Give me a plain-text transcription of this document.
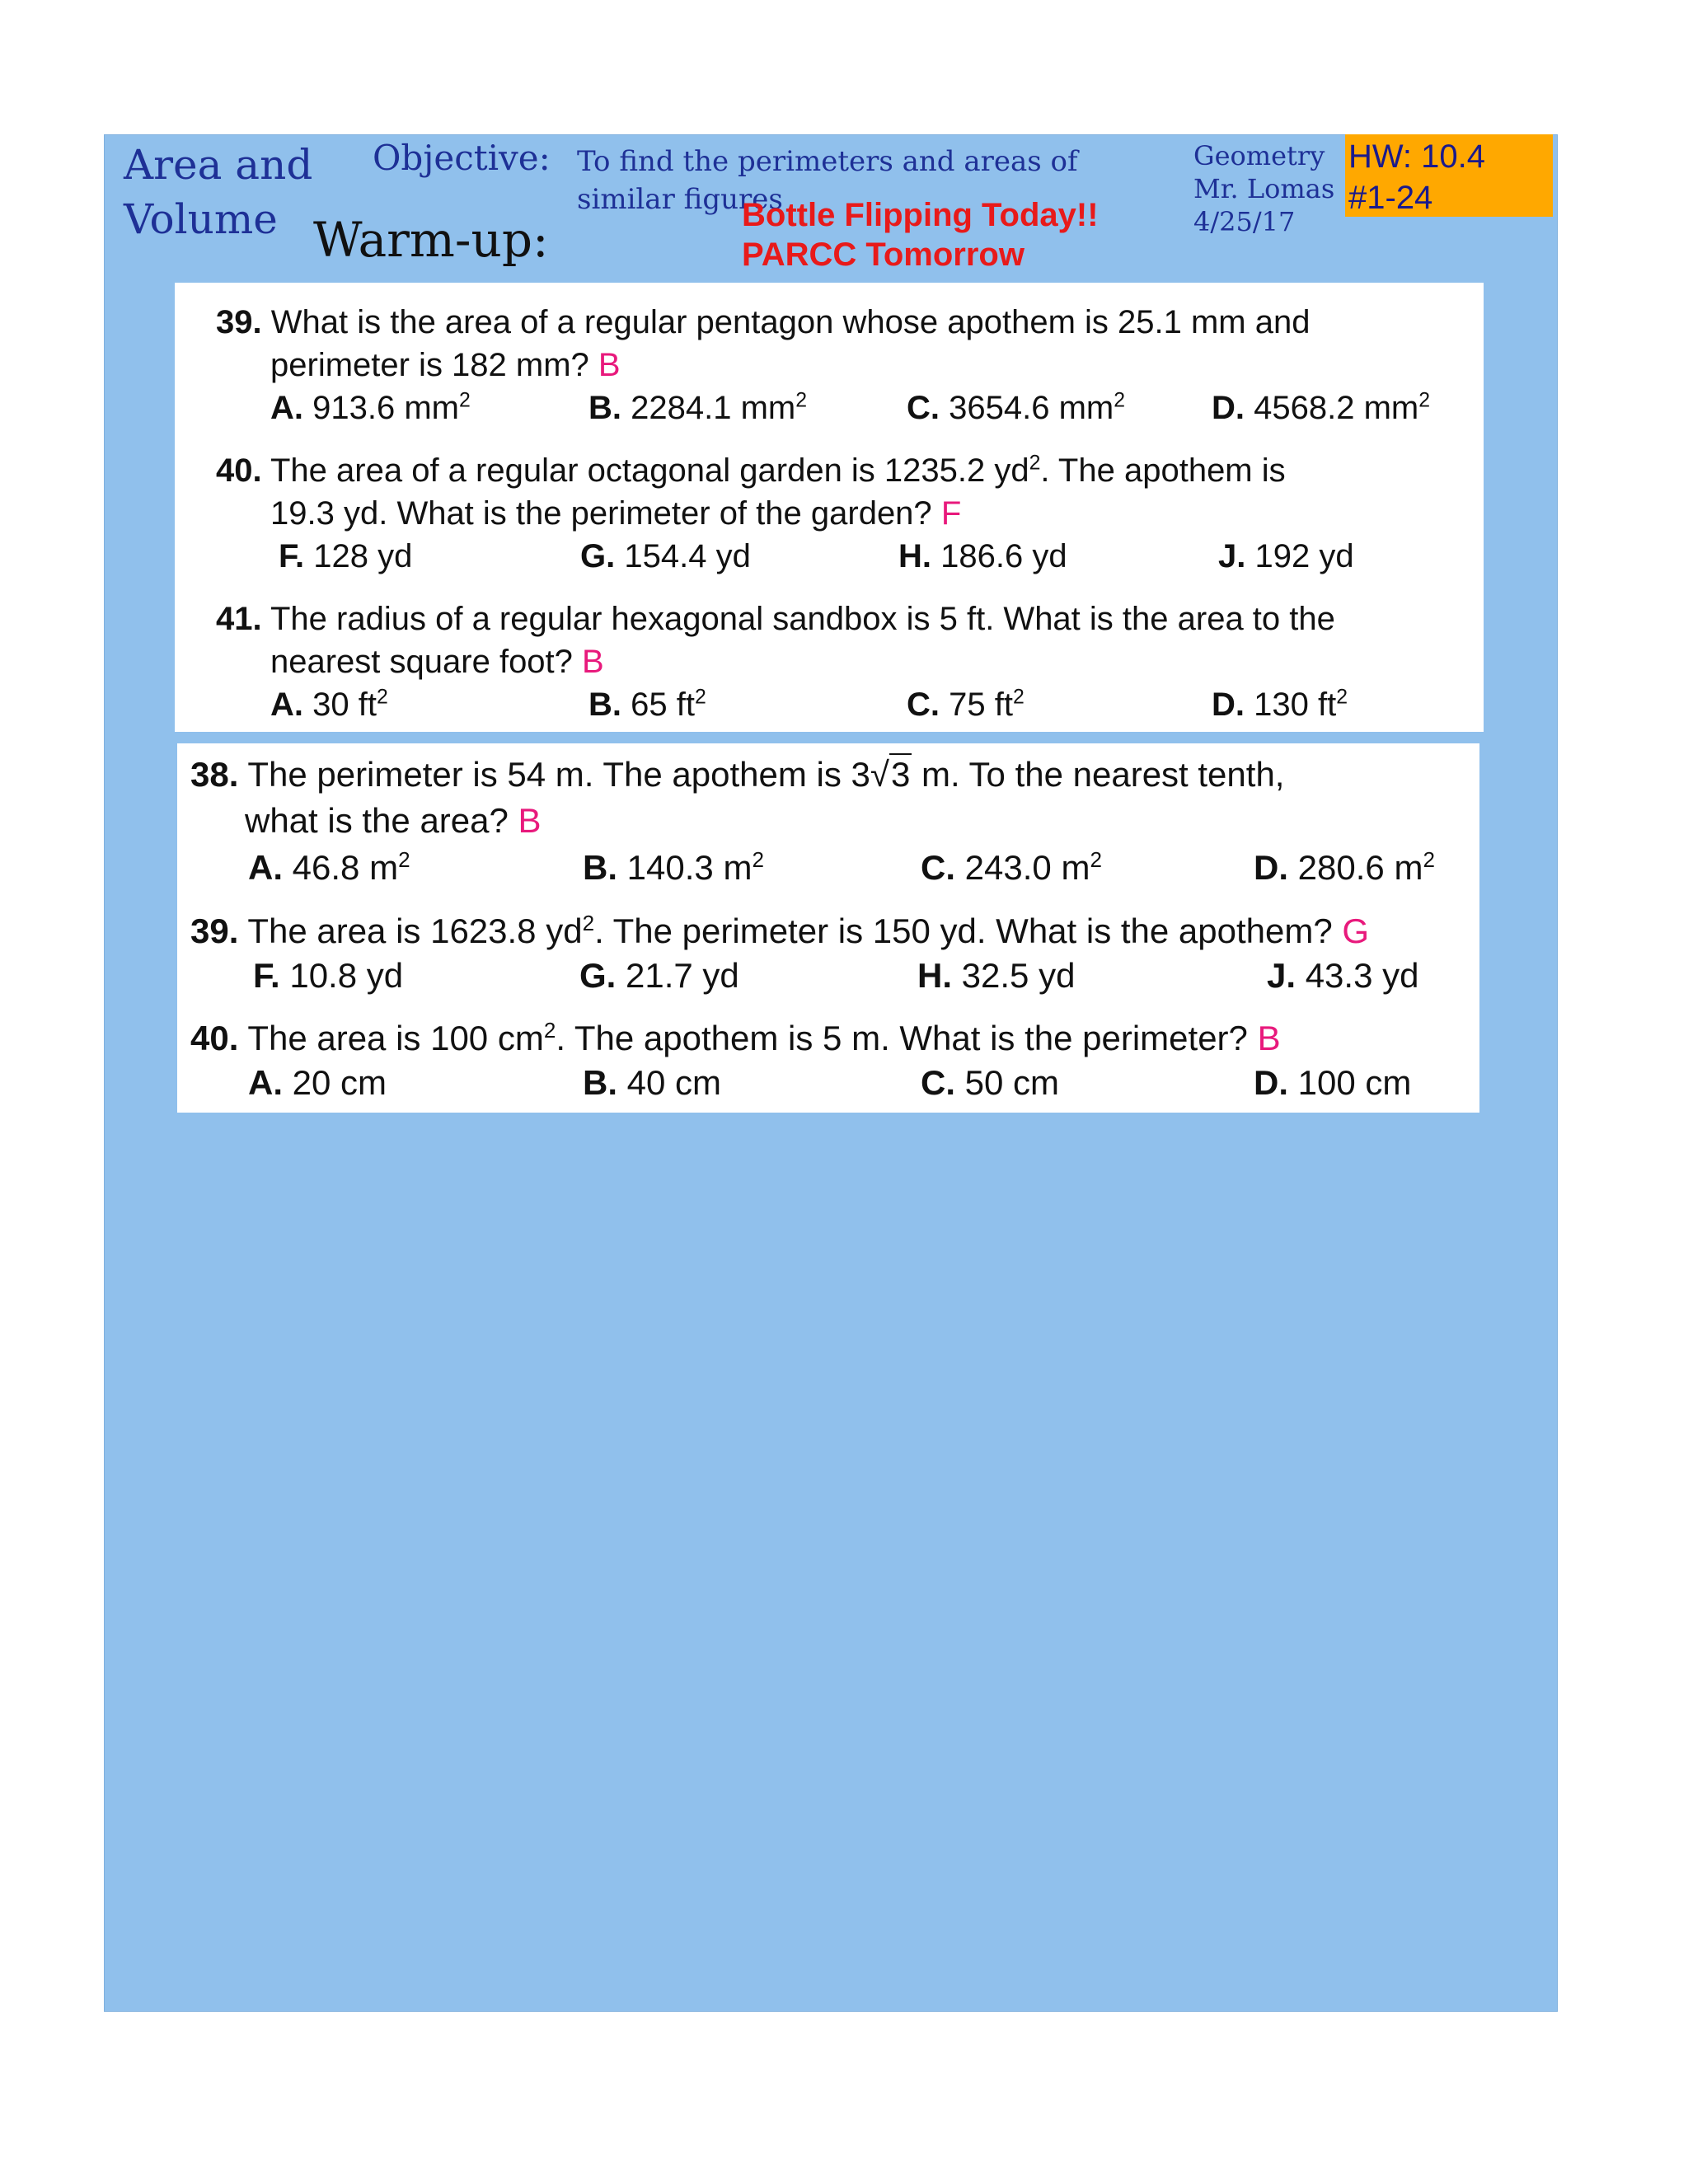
Area and
Volume
Objective: To find the perimeters and areas of similar figures
Warm-up:	Bottle Flipping Today!!
PARCC Tomorrow
Geometry
Mr. Lomas
4/25/17
HW: 10.4
#1-24
39. What is the area of a regular pentagon whose apothem is 25.1 mm and
perimeter is 182 mm? B
A. 913.6 $mm^2$	B. 2284.1 $mm^2$	C. 3654.6 $mm^2$	D. 4568.2 $mm^2$
40. The area of a regular octagonal garden is 1235.2 $yd^2$. The apothem is
19.3 yd. What is the perimeter of the garden? F
F. 128 yd	G. 154.4 yd	H. 186.6 yd	J. 192 yd
41. The radius of a regular hexagonal sandbox is 5 ft. What is the area to the
nearest square foot? B
A. 30 $ft^2$	B. 65 $ft^2$	C. 75 $ft^2$	D. 130 $ft^2$
38. The perimeter is 54 m. The apothem is 3√3 m. To the nearest tenth,
what is the area? B
A. 46.8 $m^2$	B. 140.3 $m^2$	C. 243.0 $m^2$	D. 280.6 $m^2$
39. The area is 1623.8 $yd^2$. The perimeter is 150 yd. What is the apothem? G
F. 10.8 yd	G. 21.7 yd	H. 32.5 yd	J. 43.3 yd
40. The area is 100 $cm^2$. The apothem is 5 m. What is the perimeter? B
A. 20 cm	B. 40 cm	C. 50 cm	D. 100 cm
